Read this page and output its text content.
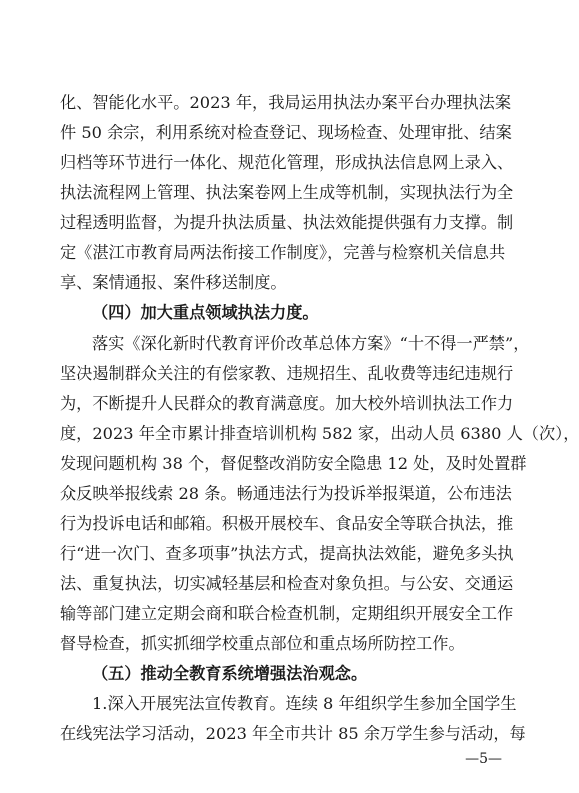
化、智能化水平。2023 年，我局运用执法办案平台办理执法案
件 50 余宗，利用系统对检查登记、现场检查、处理审批、结案
归档等环节进行一体化、规范化管理，形成执法信息网上录入、
执法流程网上管理、执法案卷网上生成等机制，实现执法行为全
过程透明监督，为提升执法质量、执法效能提供强有力支撑。制
定《湛江市教育局两法衔接工作制度》，完善与检察机关信息共
享、案情通报、案件移送制度。
（四）加大重点领域执法力度。
落实《深化新时代教育评价改革总体方案》“十不得一严禁”，
坚决遏制群众关注的有偿家教、违规招生、乱收费等违纪违规行
为，不断提升人民群众的教育满意度。加大校外培训执法工作力
度，2023 年全市累计排查培训机构 582 家，出动人员 6380 人（次），
发现问题机构 38 个，督促整改消防安全隐患 12 处，及时处置群
众反映举报线索 28 条。畅通违法行为投诉举报渠道，公布违法
行为投诉电话和邮箱。积极开展校车、食品安全等联合执法，推
行“进一次门、查多项事”执法方式，提高执法效能，避免多头执
法、重复执法，切实减轻基层和检查对象负担。与公安、交通运
输等部门建立定期会商和联合检查机制，定期组织开展安全工作
督导检查，抓实抓细学校重点部位和重点场所防控工作。
（五）推动全教育系统增强法治观念。
1.深入开展宪法宣传教育。连续 8 年组织学生参加全国学生
在线宪法学习活动，2023 年全市共计 85 余万学生参与活动，每
—5—
